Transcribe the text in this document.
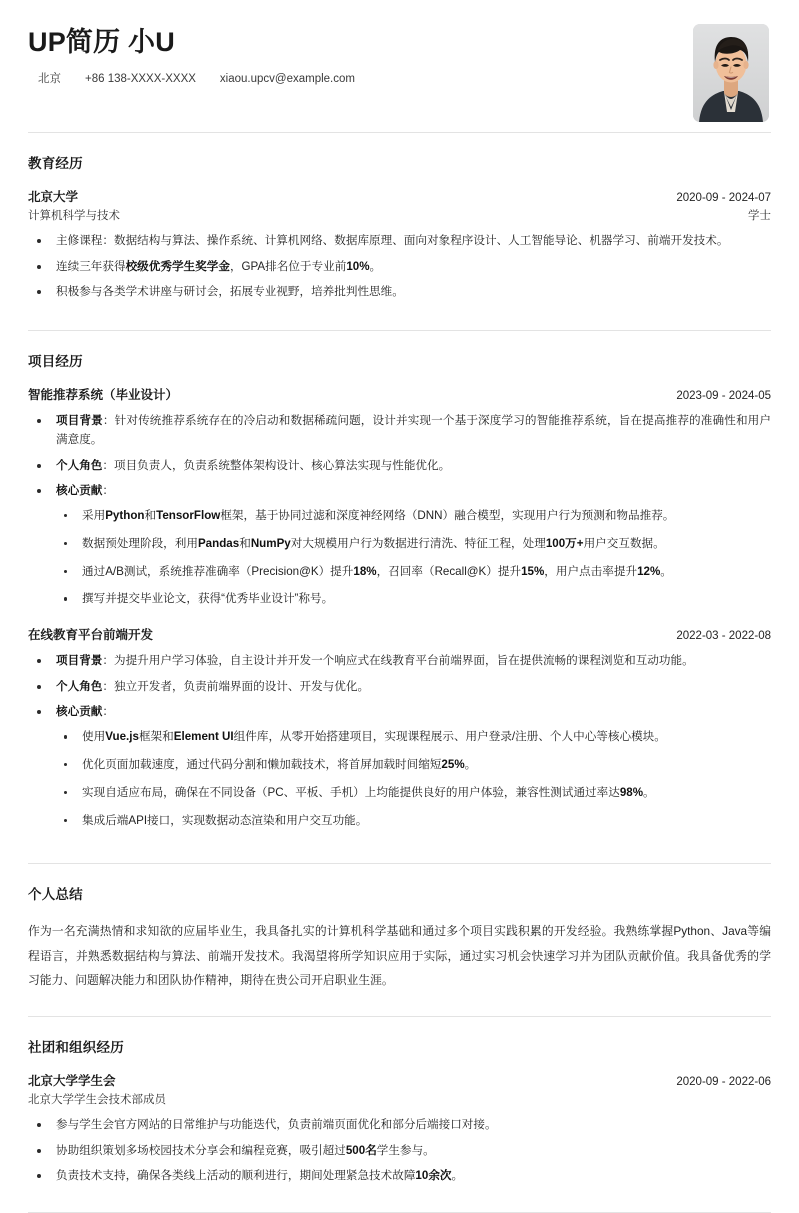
UP简历 小U
北京 +86 138-XXXX-XXXX xiaou.upcv@example.com
教育经历
北京大学	2020-09 - 2024-07
计算机科学与技术	学士
主修课程：数据结构与算法、操作系统、计算机网络、数据库原理、面向对象程序设计、人工智能导论、机器学习、前端开发技术。
连续三年获得校级优秀学生奖学金，GPA排名位于专业前10%。
积极参与各类学术讲座与研讨会，拓展专业视野，培养批判性思维。
项目经历
智能推荐系统（毕业设计）	2023-09 - 2024-05
项目背景：针对传统推荐系统存在的冷启动和数据稀疏问题，设计并实现一个基于深度学习的智能推荐系统，旨在提高推荐的准确性和用户满意度。
个人角色：项目负责人，负责系统整体架构设计、核心算法实现与性能优化。
核心贡献：
采用Python和TensorFlow框架，基于协同过滤和深度神经网络（DNN）融合模型，实现用户行为预测和物品推荐。
数据预处理阶段，利用Pandas和NumPy对大规模用户行为数据进行清洗、特征工程，处理100万+用户交互数据。
通过A/B测试，系统推荐准确率（Precision@K）提升18%，召回率（Recall@K）提升15%，用户点击率提升12%。
撰写并提交毕业论文，获得“优秀毕业设计”称号。
在线教育平台前端开发	2022-03 - 2022-08
项目背景：为提升用户学习体验，自主设计并开发一个响应式在线教育平台前端界面，旨在提供流畅的课程浏览和互动功能。
个人角色：独立开发者，负责前端界面的设计、开发与优化。
核心贡献：
使用Vue.js框架和Element UI组件库，从零开始搭建项目，实现课程展示、用户登录/注册、个人中心等核心模块。
优化页面加载速度，通过代码分割和懒加载技术，将首屏加载时间缩短25%。
实现自适应布局，确保在不同设备（PC、平板、手机）上均能提供良好的用户体验，兼容性测试通过率达98%。
集成后端API接口，实现数据动态渲染和用户交互功能。
个人总结

作为一名充满热情和求知欲的应届毕业生，我具备扎实的计算机科学基础和通过多个项目实践积累的开发经验。我熟练掌握Python、Java等编程语言，并熟悉数据结构与算法、前端开发技术。我渴望将所学知识应用于实际，通过实习机会快速学习并为团队贡献价值。我具备优秀的学习能力、问题解决能力和团队协作精神，期待在贵公司开启职业生涯。

社团和组织经历
北京大学学生会	2020-09 - 2022-06
北京大学学生会技术部成员
参与学生会官方网站的日常维护与功能迭代，负责前端页面优化和部分后端接口对接。
协助组织策划多场校园技术分享会和编程竞赛，吸引超过500名学生参与。
负责技术支持，确保各类线上活动的顺利进行，期间处理紧急技术故障10余次。
